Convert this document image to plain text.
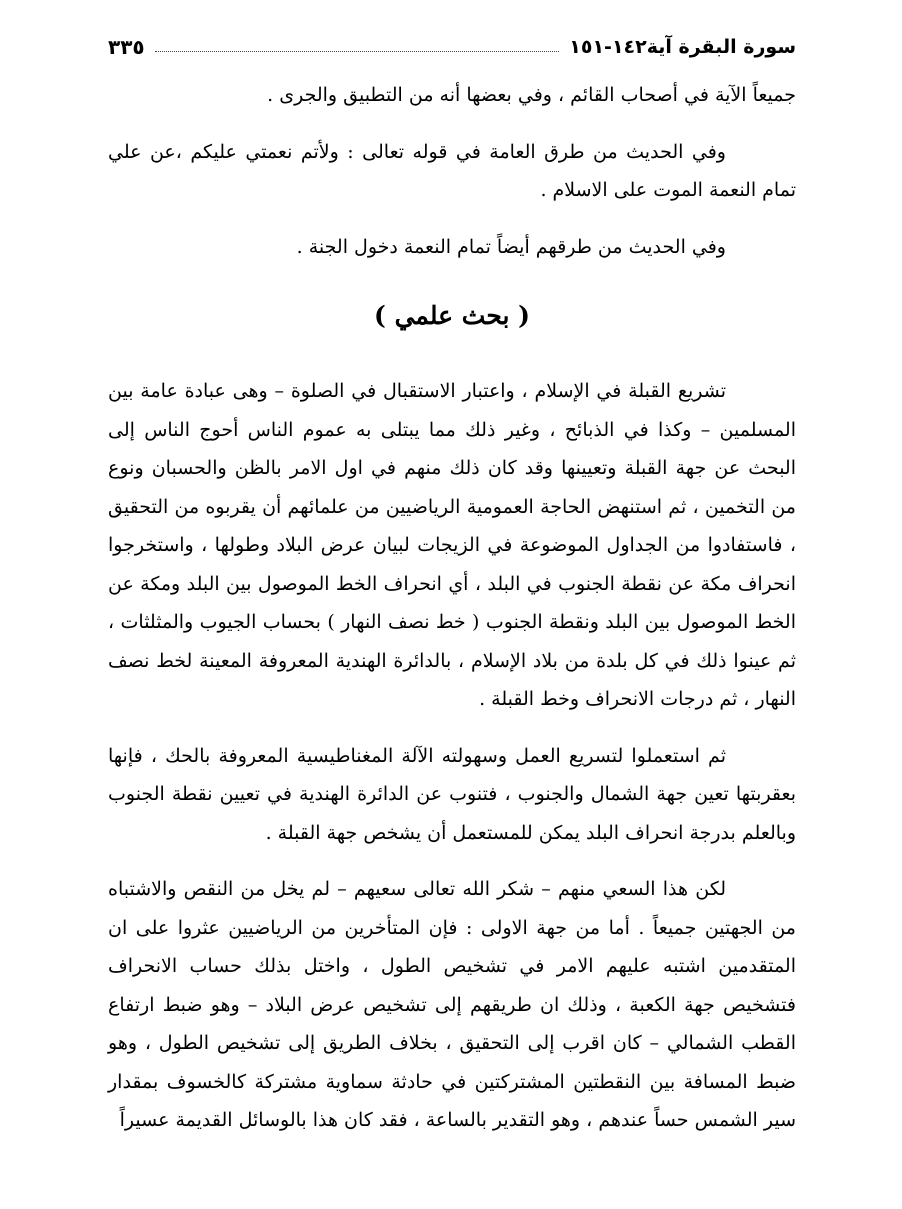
سورة البقرة آية١٤٢-١٥١
٣٣٥

جميعاً الآية في أصحاب القائم ، وفي بعضها أنه من التطبيق والجرى .

وفي الحديث من طرق العامة في قوله تعالى : ولأتم نعمتي عليكم ،عن علي تمام النعمة الموت على الاسلام .

وفي الحديث من طرقهم أيضاً تمام النعمة دخول الجنة .

( بحث علمي )

تشريع القبلة في الإسلام ، واعتبار الاستقبال في الصلوة – وهى عبادة عامة بين المسلمين – وكذا في الذبائح ، وغير ذلك مما يبتلى به عموم الناس أحوج الناس إلى البحث عن جهة القبلة وتعيينها وقد كان ذلك منهم في اول الامر بالظن والحسبان ونوع من التخمين ، ثم استنهض الحاجة العمومية الرياضيين من علمائهم أن يقربوه من التحقيق ، فاستفادوا من الجداول الموضوعة في الزيجات لبيان عرض البلاد وطولها ، واستخرجوا انحراف مكة عن نقطة الجنوب في البلد ، أي انحراف الخط الموصول بين البلد ومكة عن الخط الموصول بين البلد ونقطة الجنوب ( خط نصف النهار ) بحساب الجيوب والمثلثات ، ثم عينوا ذلك في كل بلدة من بلاد الإسلام ، بالدائرة الهندية المعروفة المعينة لخط نصف النهار ، ثم درجات الانحراف وخط القبلة .

ثم استعملوا لتسريع العمل وسهولته الآلة المغناطيسية المعروفة بالحك ، فإنها بعقربتها تعين جهة الشمال والجنوب ، فتنوب عن الدائرة الهندية في تعيين نقطة الجنوب وبالعلم بدرجة انحراف البلد يمكن للمستعمل أن يشخص جهة القبلة .

لكن هذا السعي منهم – شكر الله تعالى سعيهم – لم يخل من النقص والاشتباه من الجهتين جميعاً . أما من جهة الاولى : فإن المتأخرين من الرياضيين عثروا على ان المتقدمين اشتبه عليهم الامر في تشخيص الطول ، واختل بذلك حساب الانحراف فتشخيص جهة الكعبة ، وذلك ان طريقهم إلى تشخيص عرض البلاد – وهو ضبط ارتفاع القطب الشمالي – كان اقرب إلى التحقيق ، بخلاف الطريق إلى تشخيص الطول ، وهو ضبط المسافة بين النقطتين المشتركتين في حادثة سماوية مشتركة كالخسوف بمقدار سير الشمس حساً عندهم ، وهو التقدير بالساعة ، فقد كان هذا بالوسائل القديمة عسيراً
